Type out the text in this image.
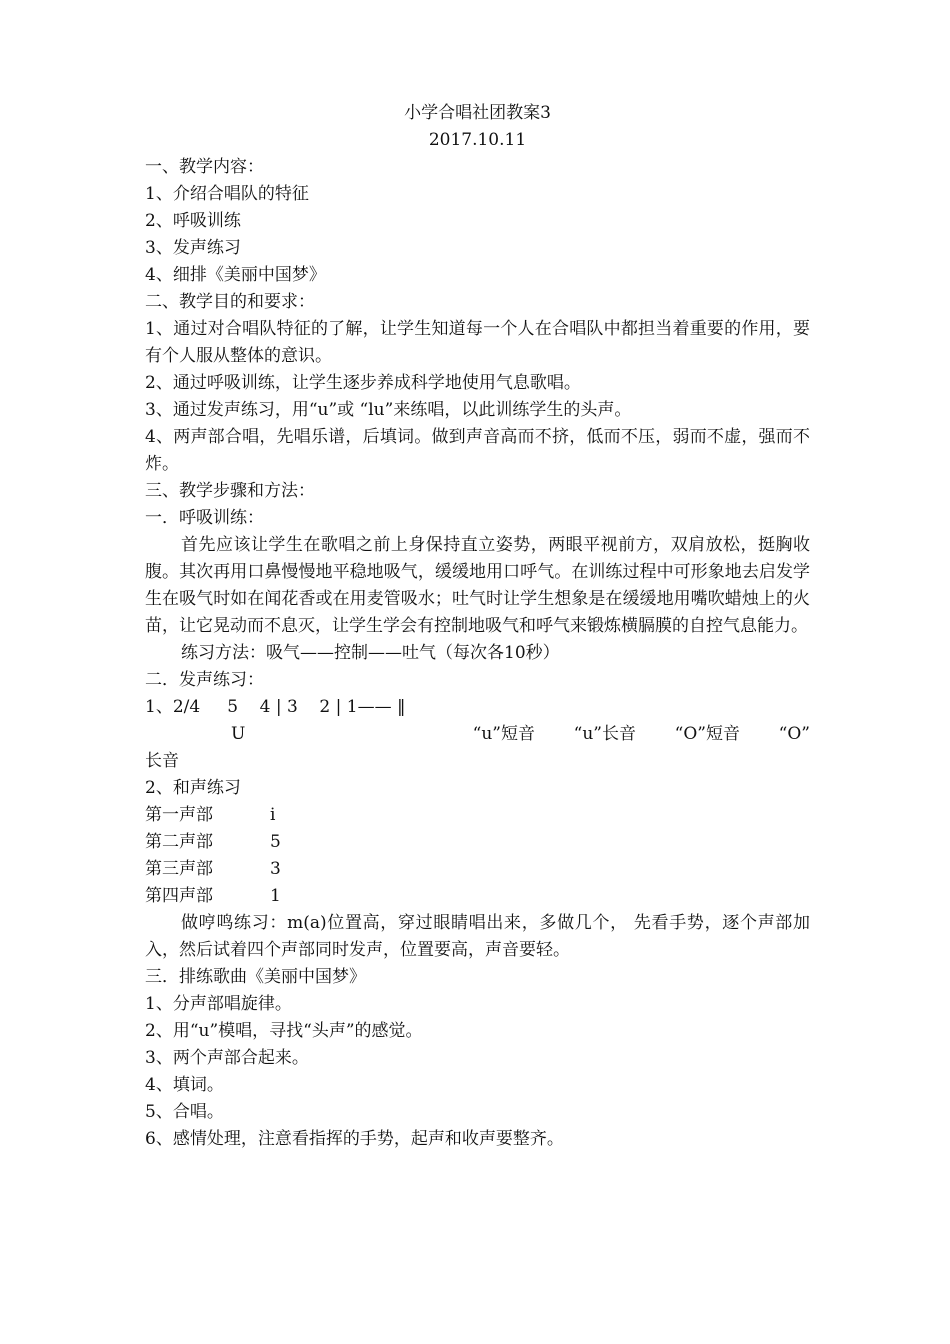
小学合唱社团教案3
2017.10.11
一、教学内容：
1、介绍合唱队的特征
2、呼吸训练
3、发声练习
4、细排《美丽中国梦》
二、教学目的和要求：
1、通过对合唱队特征的了解，让学生知道每一个人在合唱队中都担当着重要的作用，要有个人服从整体的意识。
2、通过呼吸训练，让学生逐步养成科学地使用气息歌唱。
3、通过发声练习，用“u”或 “lu”来练唱，以此训练学生的头声。
4、两声部合唱，先唱乐谱，后填词。做到声音高而不挤，低而不压，弱而不虚，强而不炸。
三、教学步骤和方法：
一．呼吸训练：
首先应该让学生在歌唱之前上身保持直立姿势，两眼平视前方，双肩放松，挺胸收腹。其次再用口鼻慢慢地平稳地吸气，缓缓地用口呼气。在训练过程中可形象地去启发学生在吸气时如在闻花香或在用麦管吸水；吐气时让学生想象是在缓缓地用嘴吹蜡烛上的火苗，让它晃动而不息灭，让学生学会有控制地吸气和呼气来锻炼横膈膜的自控气息能力。
练习方法：吸气——控制——吐气（每次各10秒）
二．发声练习：
1、2/4     5    4 | 3    2 | 1—— ‖
U	“u”短音 “u”长音 “O”短音 “O”
长音
2、和声练习
第一声部	i
第二声部	5
第三声部	3
第四声部	1
做哼鸣练习：m(a)位置高，穿过眼睛唱出来，多做几个， 先看手势，逐个声部加入，然后试着四个声部同时发声，位置要高，声音要轻。
三．排练歌曲《美丽中国梦》
1、分声部唱旋律。
2、用“u”模唱，寻找“头声”的感觉。
3、两个声部合起来。
4、填词。
5、合唱。
6、感情处理，注意看指挥的手势，起声和收声要整齐。
